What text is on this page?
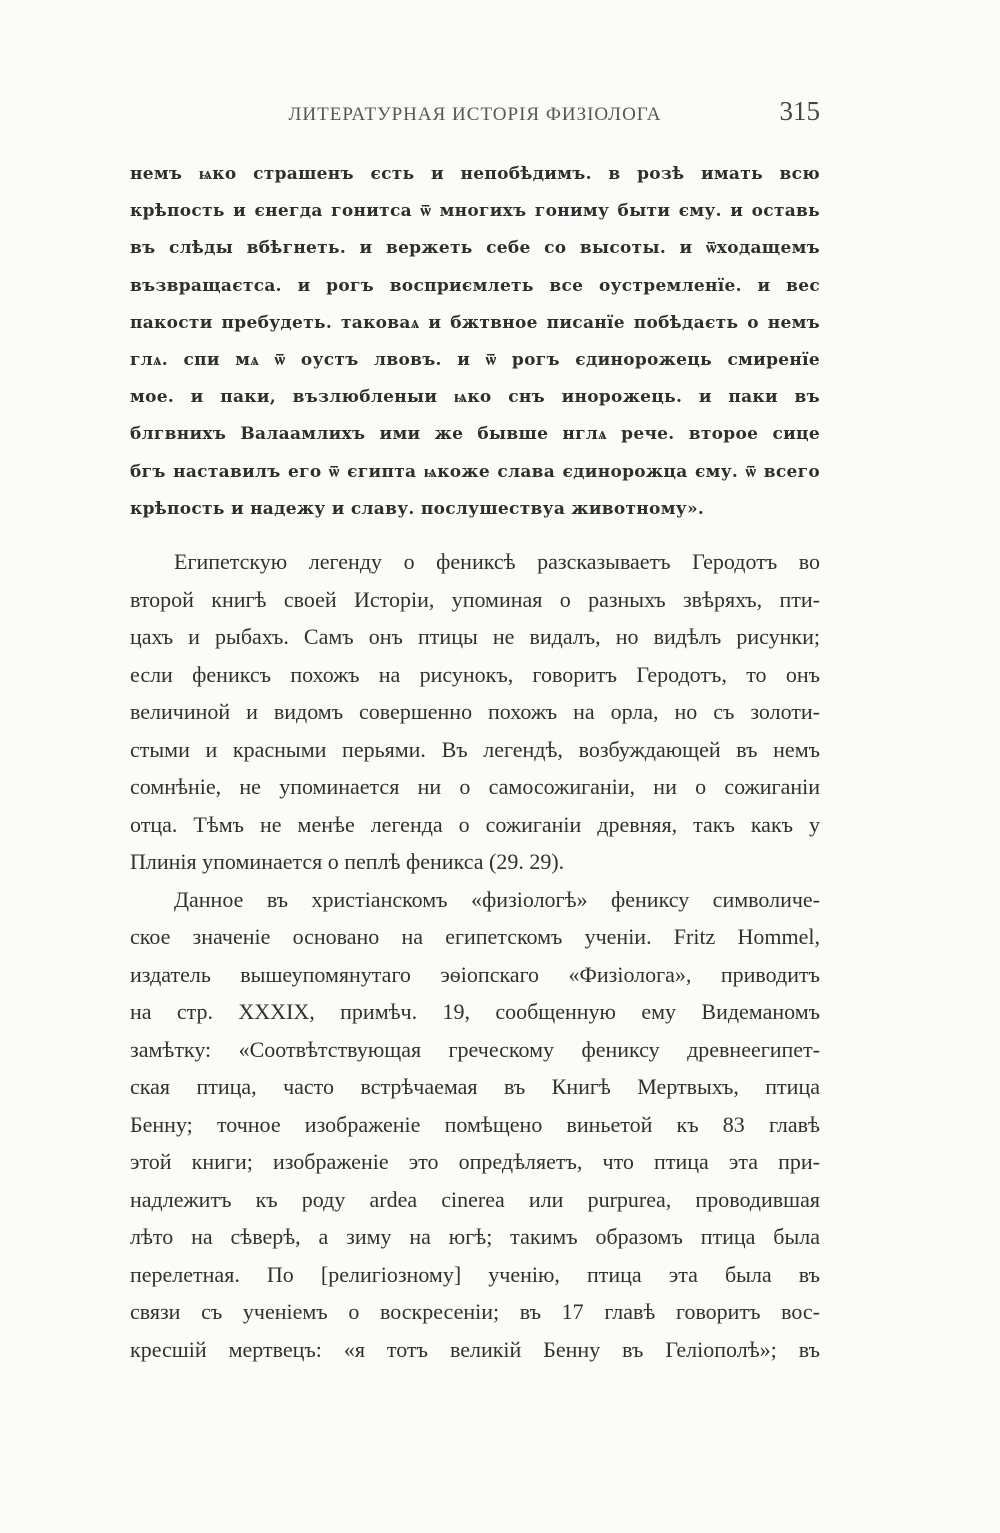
ЛИТЕРАТУРНАЯ ИСТОРІЯ ФИЗІОЛОГА	315
немъ ѩко страшенъ єсть и непобѣдимъ. в розѣ имать всю
крѣпость и єнегда гонитса ѿ многихъ гониму быти єму. и оставь
въ слѣды вбѣгнеть. и вержеть себе со высоты. и ѿходащемъ
възвращаєтса. и рогъ восприємлеть все оустремленїе. и вес
пакости пребудеть. таковаѧ и бжтвное писанїе побѣдаєть о немъ
глѧ. спи мѧ ѿ оустъ лвовъ. и ѿ рогъ єдинорожець смиренїе
мое. и паки, възлюбленыи ѩко снъ инорожець. и паки въ
блгвнихъ Валаамлихъ ими же бывше нглѧ рече. второе сице
бгъ наставилъ его ѿ єгипта ѩкоже слава єдинорожца єму. ѿ всего
крѣпость и надежу и славу. послушествуа животному».
Египетскую легенду о фениксѣ разсказываетъ Геродотъ во
второй книгѣ своей Исторіи, упоминая о разныхъ звѣряхъ, пти-
цахъ и рыбахъ. Самъ онъ птицы не видалъ, но видѣлъ рисунки;
если фениксъ похожъ на рисунокъ, говоритъ Геродотъ, то онъ
величиной и видомъ совершенно похожъ на орла, но съ золоти-
стыми и красными перьями. Въ легендѣ, возбуждающей въ немъ
сомнѣніе, не упоминается ни о самосожиганіи, ни о сожиганіи
отца. Тѣмъ не менѣе легенда о сожиганіи древняя, такъ какъ у
Плинія упоминается о пеплѣ феникса (29. 29).
Данное въ христіанскомъ «физіологѣ» фениксу символиче-
ское значеніе основано на египетскомъ ученіи. Fritz Hommel,
издатель вышеупомянутаго эѳіопскаго «Физіолога», приводитъ
на стр. XXXIX, примѣч. 19, сообщенную ему Видеманомъ
замѣтку: «Соотвѣтствующая греческому фениксу древнеегипет-
ская птица, часто встрѣчаемая въ Книгѣ Мертвыхъ, птица
Бенну; точное изображеніе помѣщено виньетой къ 83 главѣ
этой книги; изображеніе это опредѣляетъ, что птица эта при-
надлежитъ къ роду ardea cinerea или purpurea, проводившая
лѣто на сѣверѣ, а зиму на югѣ; такимъ образомъ птица была
перелетная. По [религіозному] ученію, птица эта была въ
связи съ ученіемъ о воскресеніи; въ 17 главѣ говоритъ вос-
кресшій мертвецъ: «я тотъ великій Бенну въ Геліополѣ»; въ
